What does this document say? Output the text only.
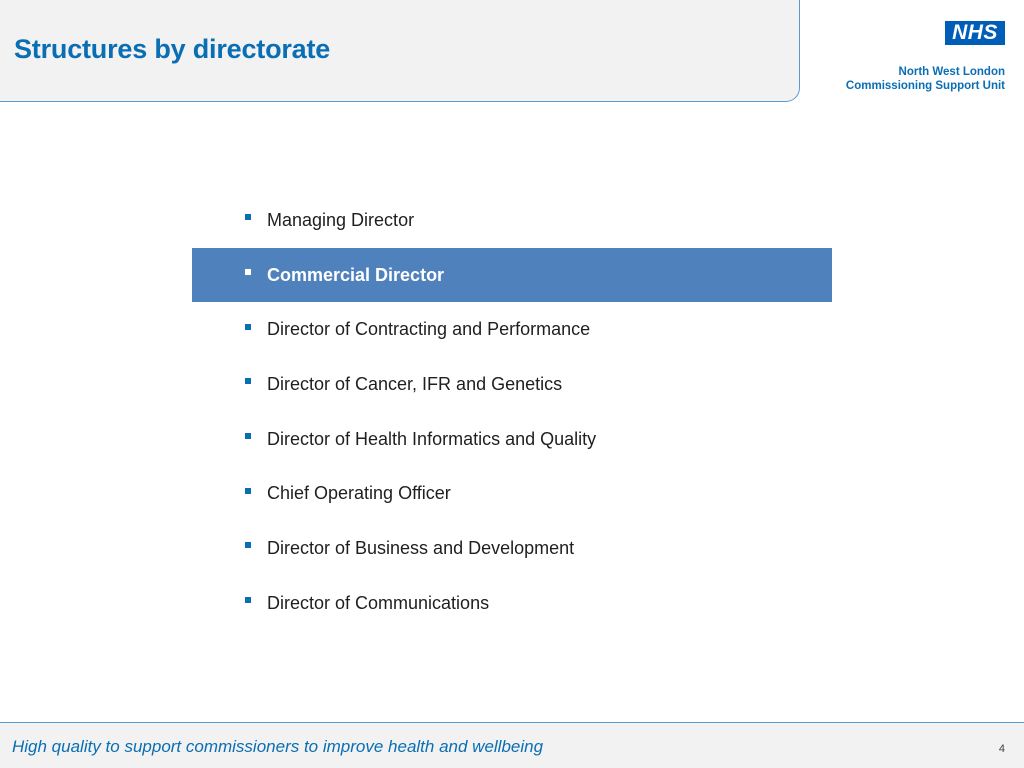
Structures by directorate
NHS
North West London
Commissioning Support Unit
Managing Director
Commercial Director
Director of Contracting and Performance
Director of Cancer, IFR and Genetics
Director of Health Informatics and Quality
Chief Operating Officer
Director of Business and Development
Director of Communications
High quality to support commissioners to improve health and wellbeing	4
